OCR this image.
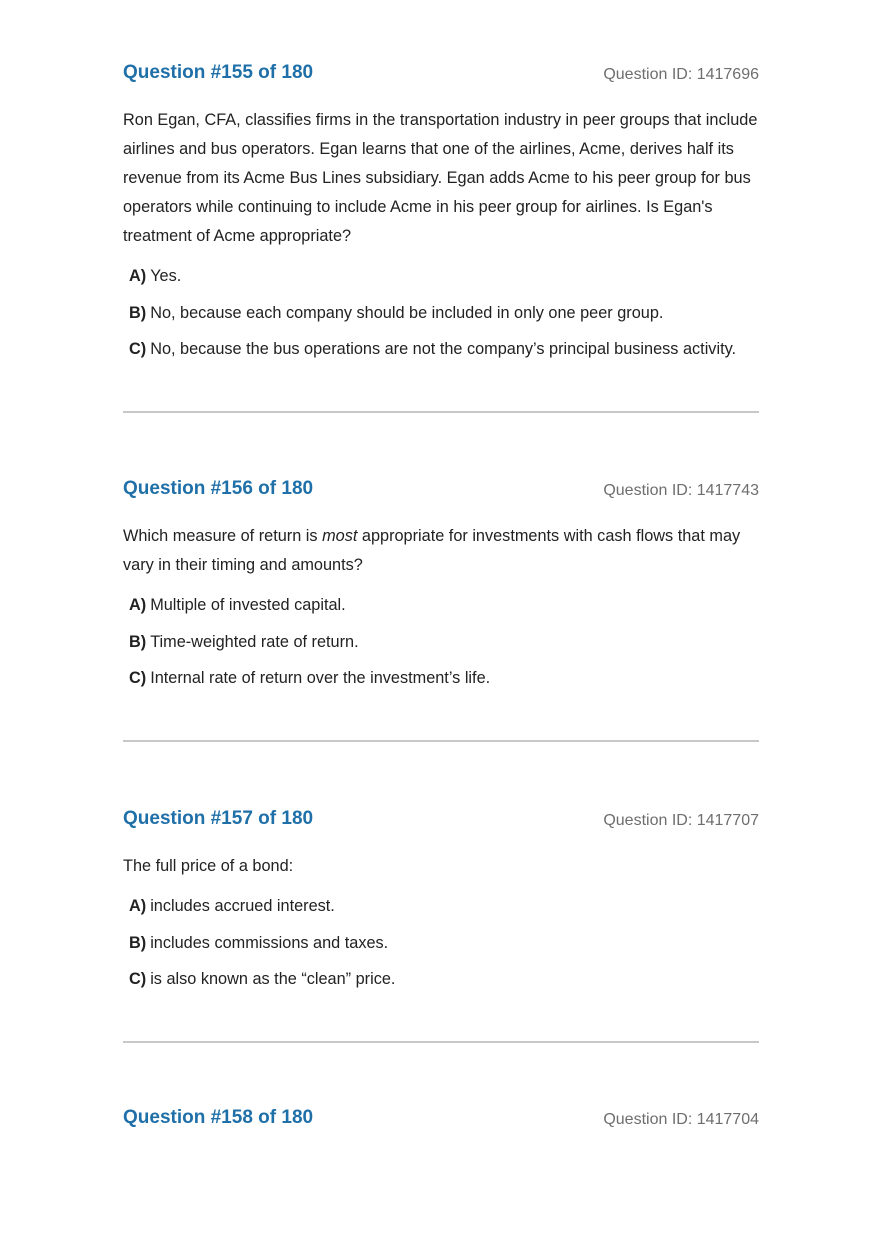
Question #155 of 180	Question ID: 1417696
Ron Egan, CFA, classifies firms in the transportation industry in peer groups that include airlines and bus operators. Egan learns that one of the airlines, Acme, derives half its revenue from its Acme Bus Lines subsidiary. Egan adds Acme to his peer group for bus operators while continuing to include Acme in his peer group for airlines. Is Egan's treatment of Acme appropriate?
A) Yes.
B) No, because each company should be included in only one peer group.
C) No, because the bus operations are not the company’s principal business activity.
Question #156 of 180	Question ID: 1417743
Which measure of return is most appropriate for investments with cash flows that may vary in their timing and amounts?
A) Multiple of invested capital.
B) Time-weighted rate of return.
C) Internal rate of return over the investment’s life.
Question #157 of 180	Question ID: 1417707
The full price of a bond:
A) includes accrued interest.
B) includes commissions and taxes.
C) is also known as the “clean” price.
Question #158 of 180	Question ID: 1417704
